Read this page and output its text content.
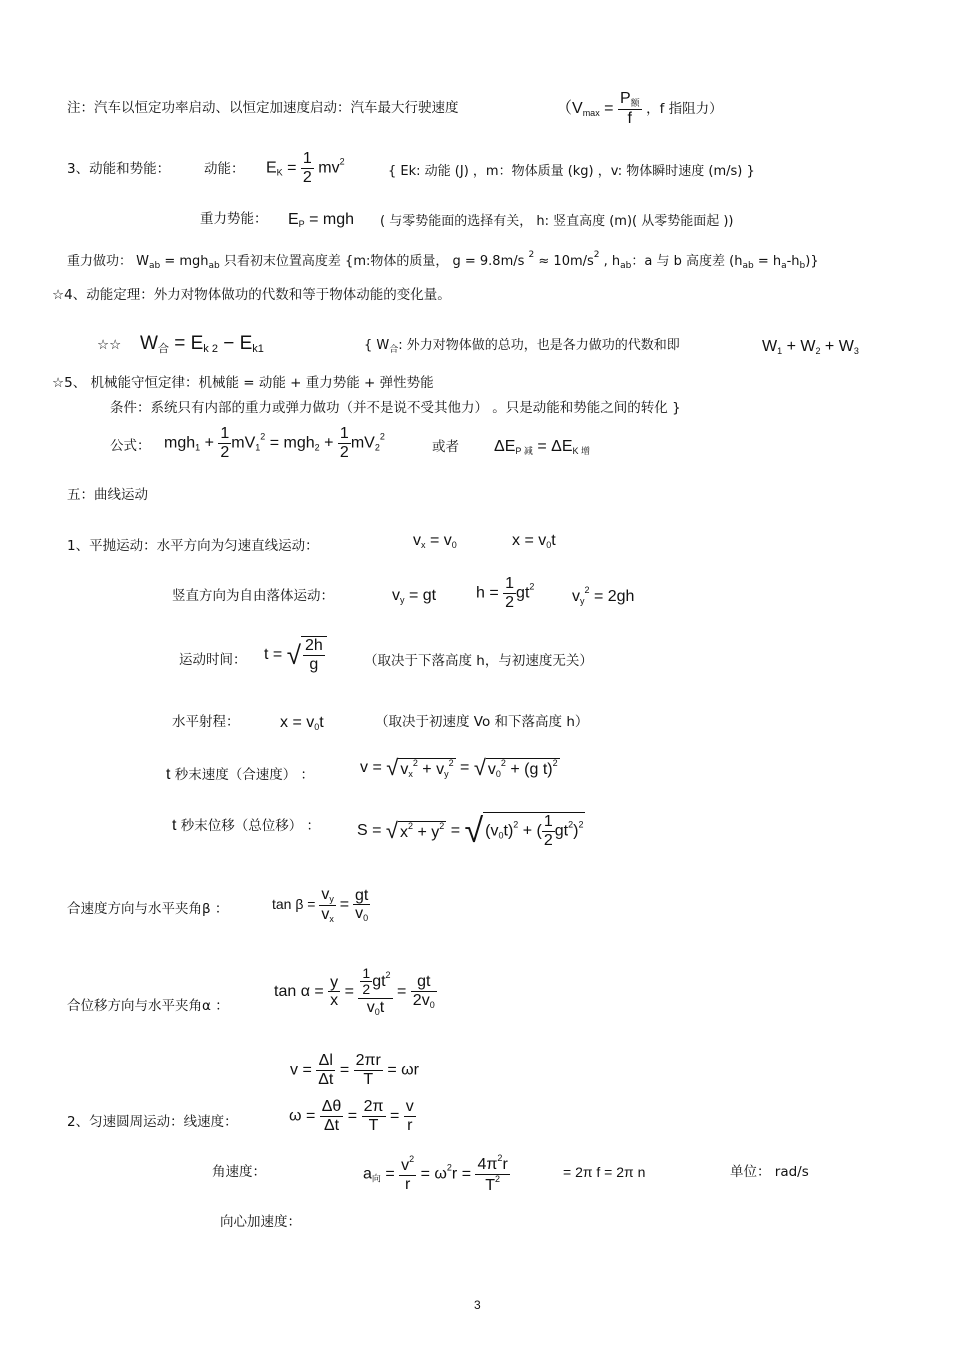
注：汽车以恒定功率启动、以恒定加速度启动：汽车最大行驶速度	（$V_{max} = \frac{P_额}{f}$ ，f 指阻力）
3、动能和势能：	动能： $E_K = \frac{1}{2} mv^2$
{ Ek: 动能 (J) ，m：物体质量 (kg) ，v: 物体瞬时速度 (m/s) }
重力势能： $E_P$ = mgh ( 与零势能面的选择有关， h: 竖直高度 (m)( 从零势能面起 ))
重力做功： $W_{ab} = mgh_{ab}$ 只看初末位置高度差 {m:物体的质量， g = 9.8m/s $^2 \approx 10m/s^2$ , $h_{ab}$：a 与 b 高度差 $(h_{ab} = h_a-h_b)$}
☆4、动能定理：外力对物体做功的代数和等于物体动能的变化量。
☆☆ $W_合 = E_{k 2} - E_{k1}$	{ $W_合$: 外力对物体做的总功，也是各力做功的代数和即	$W_1 + W_2 + W_3$
☆5、 机械能守恒定律：机械能 = 动能 + 重力势能 + 弹性势能
条件：系统只有内部的重力或弹力做功（并不是说不受其他力） 。只是动能和势能之间的转化 }
公式： $mgh_1 + \frac{1}{2} mV_1^2 = mgh_2 + \frac{1}{2} mV_2^2$
或者 $\Delta E_P$ $_减 = \Delta E_K$ $_增$
五：曲线运动
1、平抛运动：水平方向为匀速直线运动：	$v_x = v_0$	$x = v_0t$
竖直方向为自由落体运动：	$v_y$ = gt $h = \frac{1}{2} gt^2$
$v_y^2 = 2gh$
运动时间： t = √ $\frac{2h}{g}$	（取决于下落高度 h，与初速度无关）
水平射程：	$x = v_0t$	（取决于初速度 Vo 和下落高度 h）
t 秒末速度（合速度） ：	v = √ $v_x^2 + v_y^2$ = √ $v_0^2 + (g$ t)$^2$
t 秒末位移（总位移） ： S = √ $x^2 + y^2$ = √ $(v_0t)^2$ + ( $\frac{1}{2} gt^2)^2$
合速度方向与水平夹角β ：	$\tan \beta = \frac{v_y}{v_x} = \frac{gt}{v_0}$
合位移方向与水平夹角α ：
$\tan \alpha = \frac{y}{x} = \frac{\frac{1}{2} gt^2}{v_0t} = \frac{gt}{2v_0}$
$v = \frac{\Delta l}{\Delta t} = \frac{2\pi r}{T} = \omega r$
2、匀速圆周运动：线速度：	$\omega = \frac{\Delta\theta}{\Delta t} = \frac{2\pi}{T} = \frac{v}{r}$
角速度：	$a_向 = \frac{v^2}{r} = \omega^2r = \frac{4\pi^2r}{T^2}$	= 2π f = 2π n	单位： rad/s
向心加速度：
3
